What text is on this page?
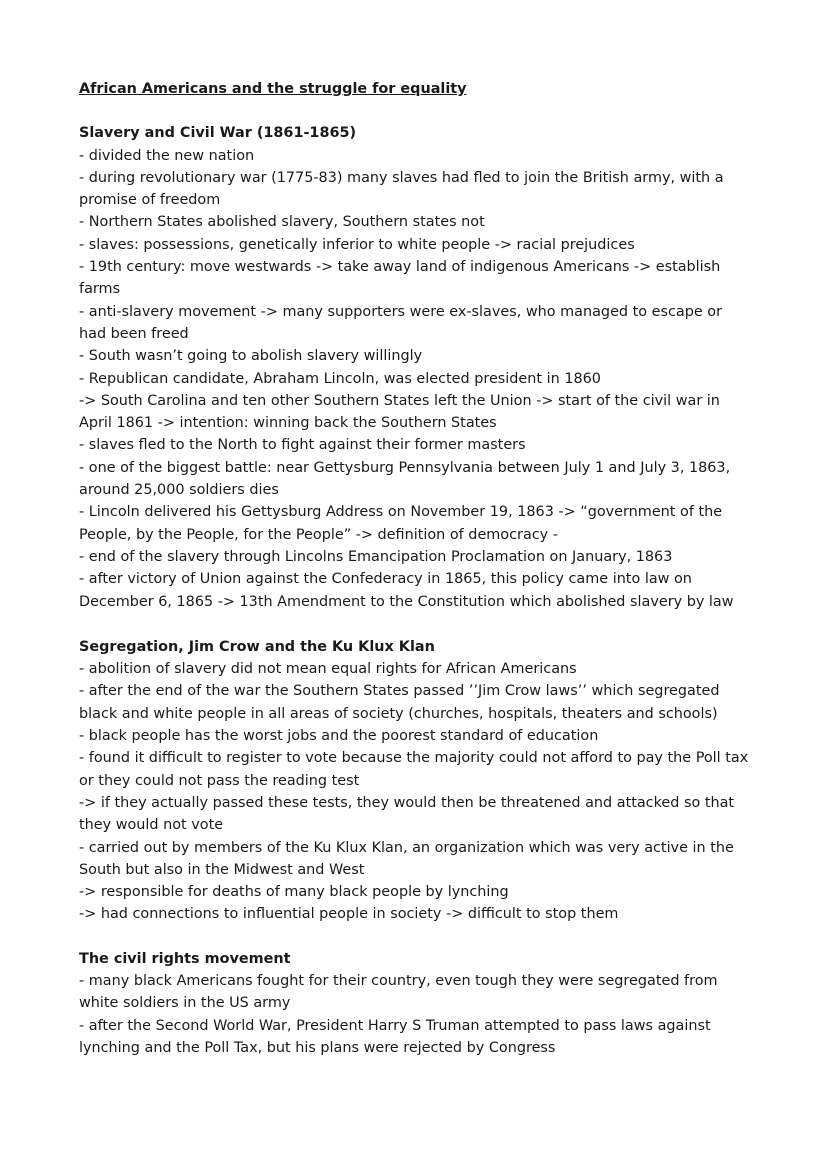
African Americans and the struggle for equality
Slavery and Civil War (1861-1865)
- divided the new nation
- during revolutionary war (1775-83) many slaves had fled to join the British army, with a promise of freedom
- Northern States abolished slavery, Southern states not
- slaves: possessions, genetically inferior to white people -> racial prejudices
- 19th century: move westwards -> take away land of indigenous Americans -> establish farms
- anti-slavery movement -> many supporters were ex-slaves, who managed to escape or had been freed
- South wasn’t going to abolish slavery willingly
- Republican candidate, Abraham Lincoln, was elected president in 1860
-> South Carolina and ten other Southern States left the Union -> start of the civil war in April 1861 -> intention: winning back the Southern States
- slaves fled to the North to fight against their former masters
- one of the biggest battle: near Gettysburg Pennsylvania between July 1 and July 3, 1863, around 25,000 soldiers dies
- Lincoln delivered his Gettysburg Address on November 19, 1863 -> “government of the People, by the People, for the People” -> definition of democracy -
- end of the slavery through Lincolns Emancipation Proclamation on January, 1863
- after victory of Union against the Confederacy in 1865, this policy came into law on December 6, 1865 -> 13th Amendment to the Constitution which abolished slavery by law
Segregation, Jim Crow and the Ku Klux Klan
- abolition of slavery did not mean equal rights for African Americans
- after the end of the war the Southern States passed ’’Jim Crow laws’’ which segregated black and white people in all areas of society (churches, hospitals, theaters and schools)
- black people has the worst jobs and the poorest standard of education
- found it difficult to register to vote because the majority could not afford to pay the Poll tax or they could not pass the reading test
-> if they actually passed these tests, they would then be threatened and attacked so that they would not vote
- carried out by members of the Ku Klux Klan, an organization which was very active in the South but also in the Midwest and West
-> responsible for deaths of many black people by lynching
-> had connections to influential people in society -> difficult to stop them
The civil rights movement
- many black Americans fought for their country, even tough they were segregated from white soldiers in the US army
- after the Second World War, President Harry S Truman attempted to pass laws against lynching and the Poll Tax, but his plans were rejected by Congress
